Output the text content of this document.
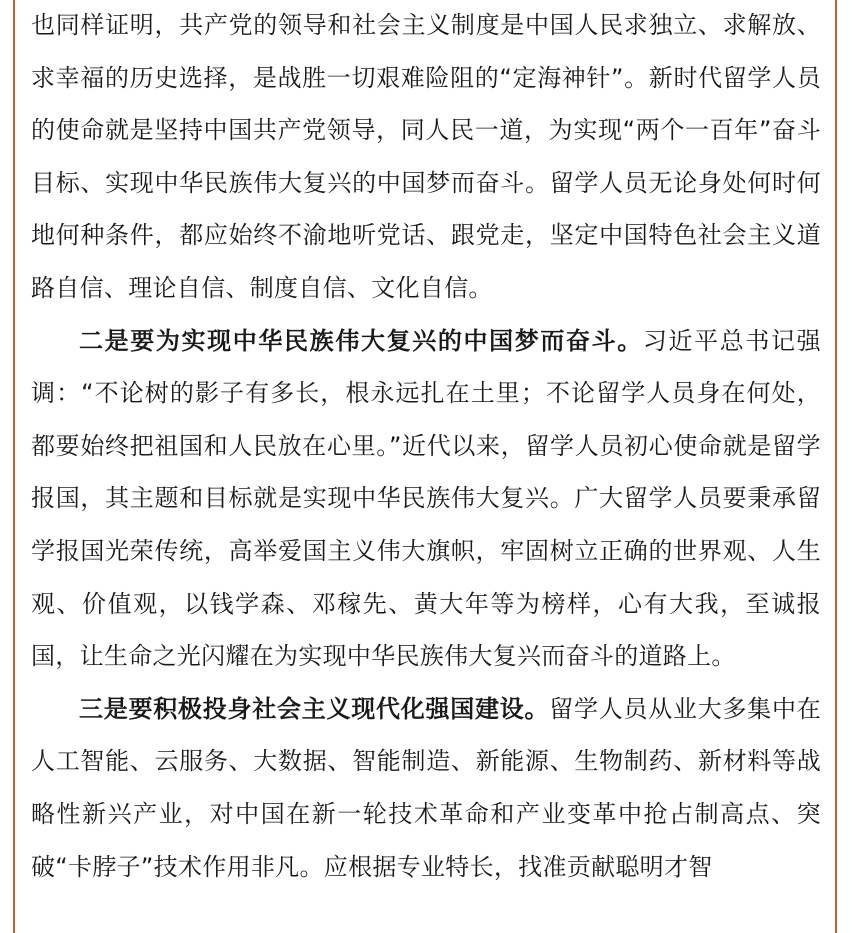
也同样证明，共产党的领导和社会主义制度是中国人民求独立、求解放、求幸福的历史选择，是战胜一切艰难险阻的“定海神针”。新时代留学人员的使命就是坚持中国共产党领导，同人民一道，为实现“两个一百年”奋斗目标、实现中华民族伟大复兴的中国梦而奋斗。留学人员无论身处何时何地何种条件，都应始终不渝地听党话、跟党走，坚定中国特色社会主义道路自信、理论自信、制度自信、文化自信。

二是要为实现中华民族伟大复兴的中国梦而奋斗。习近平总书记强调：“不论树的影子有多长，根永远扎在土里；不论留学人员身在何处，都要始终把祖国和人民放在心里。”近代以来，留学人员初心使命就是留学报国，其主题和目标就是实现中华民族伟大复兴。广大留学人员要秉承留学报国光荣传统，高举爱国主义伟大旗帜，牢固树立正确的世界观、人生观、价值观，以钱学森、邓稼先、黄大年等为榜样，心有大我，至诚报国，让生命之光闪耀在为实现中华民族伟大复兴而奋斗的道路上。

三是要积极投身社会主义现代化强国建设。留学人员从业大多集中在人工智能、云服务、大数据、智能制造、新能源、生物制药、新材料等战略性新兴产业，对中国在新一轮技术革命和产业变革中抢占制高点、突破“卡脖子”技术作用非凡。应根据专业特长，找准贡献聪明才智
